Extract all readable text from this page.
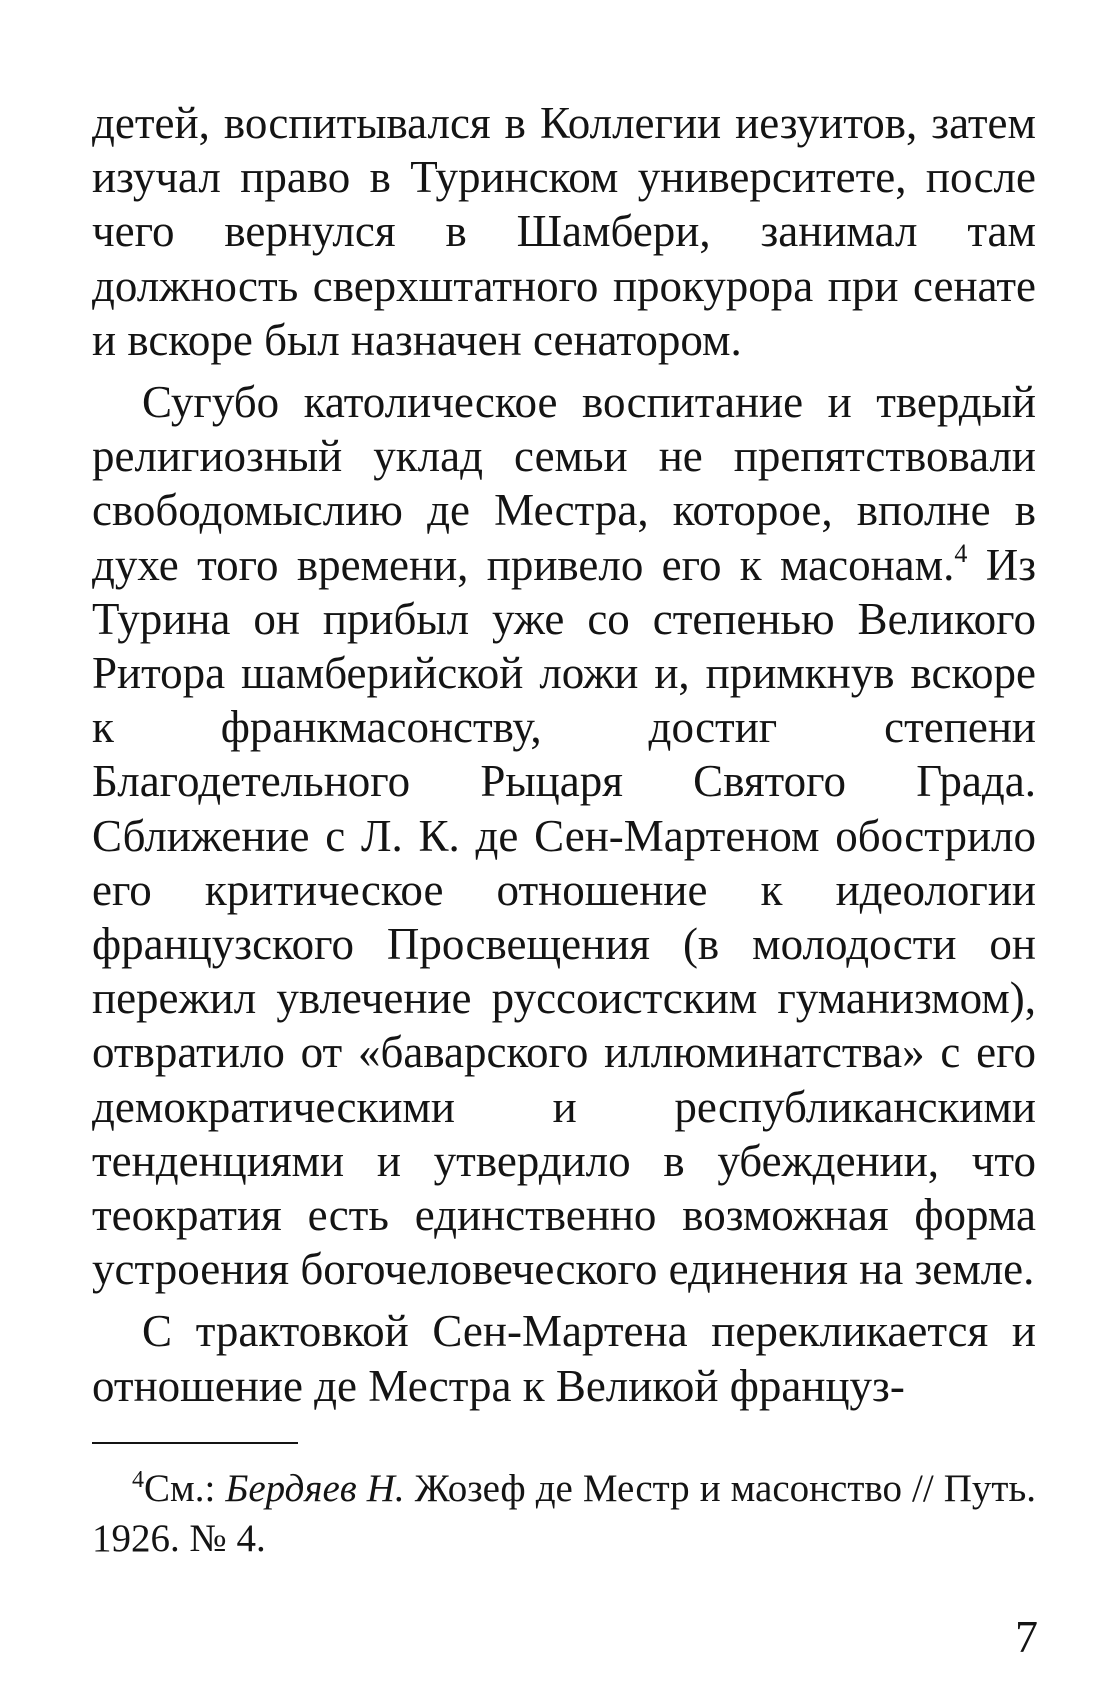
детей, воспитывался в Коллегии иезуитов, затем изучал право в Туринском университете, после чего вернулся в Шамбери, занимал там должность сверхштатного прокурора при сенате и вскоре был назначен сенатором.

Сугубо католическое воспитание и твердый религиозный уклад семьи не препятствовали свободомыслию де Местра, которое, вполне в духе того времени, привело его к масонам.$^4$ Из Турина он прибыл уже со степенью Великого Ритора шамберийской ложи и, примкнув вскоре к франкмасонству, достиг степени Благодетельного Рыцаря Святого Града. Сближение с Л. К. де Сен-Мартеном обострило его критическое отношение к идеологии французского Просвещения (в молодости он пережил увлечение руссоистским гуманизмом), отвратило от «баварского иллюминатства» с его демократическими и республиканскими тенденциями и утвердило в убеждении, что теократия есть единственно возможная форма устроения богочеловеческого единения на земле.

С трактовкой Сен-Мартена перекликается и отношение де Местра к Великой француз-

$^4$См.: Бердяев Н. Жозеф де Местр и масонство // Путь. 1926. № 4.

7
